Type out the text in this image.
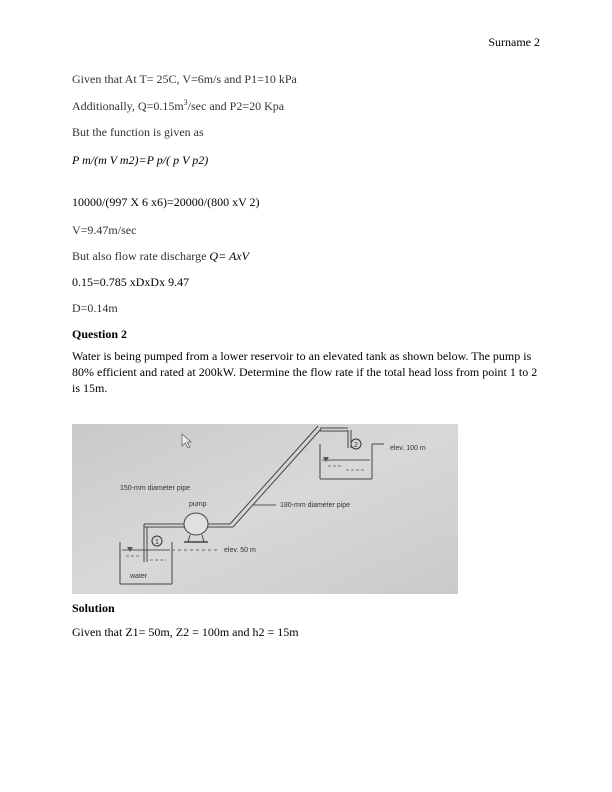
Surname 2
Given that At T= 25C, V=6m/s and P1=10 kPa
Additionally, $Q=0.15m^3/\sec$ and P2=20 Kpa
But the function is given as
P m/(m V m2)=P p/( p V p2)
10000/(997 X 6 x6)=20000/(800 xV 2)
V=9.47m/sec
But also flow rate discharge Q= AxV
0.15=0.785 xDxDx 9.47
D=0.14m
Question 2
Water is being pumped from a lower reservoir to an elevated tank as shown below. The pump is 80% efficient and rated at 200kW. Determine the flow rate if the total head loss from point 1 to 2 is 15m.
2	elev. 100 m
180-mm diameter pipe
pump
150-mm diameter pipe
1
elev. 50 m
water
Solution
Given that Z1= 50m, Z2 = 100m and h2 = 15m
